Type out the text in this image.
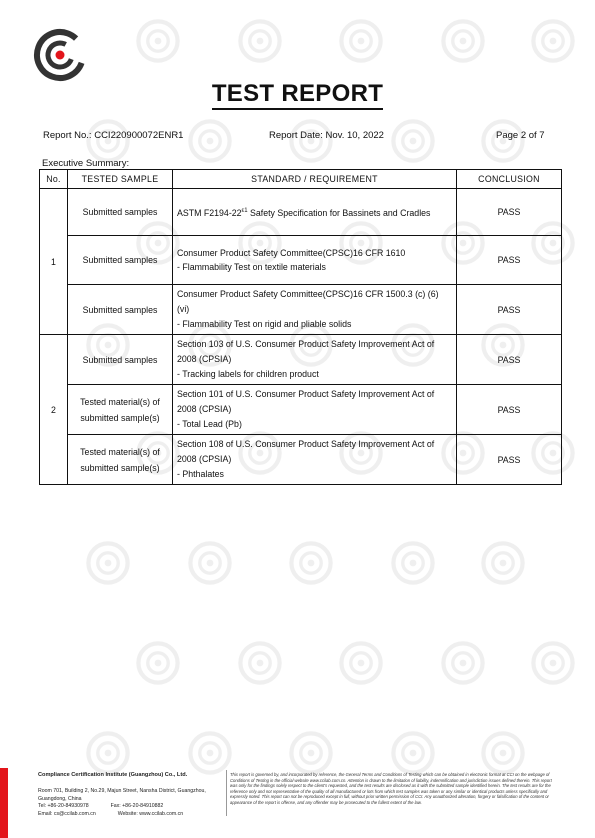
TEST REPORT
Report No.: CCI220900072ENR1	Report Date: Nov. 10, 2022	Page 2 of 7
Executive Summary:
No.	TESTED SAMPLE	STANDARD / REQUIREMENT	CONCLUSION
1	Submitted samples	ASTM $F2194-22^{\varepsilon 1}$ Safety Specification for Bassinets and Cradles	PASS
	Submitted samples	Consumer Product Safety Committee(CPSC)16 CFR 1610
- Flammability Test on textile materials	PASS
	Submitted samples	Consumer Product Safety Committee(CPSC)16 CFR 1500.3 (c) (6) (vi)
- Flammability Test on rigid and pliable solids	PASS
2	Submitted samples	Section 103 of U.S. Consumer Product Safety Improvement Act of 2008 (CPSIA)
- Tracking labels for children product	PASS
	Tested material(s) of submitted sample(s)	Section 101 of U.S. Consumer Product Safety Improvement Act of 2008 (CPSIA)
- Total Lead (Pb)	PASS
	Tested material(s) of submitted sample(s)	Section 108 of U.S. Consumer Product Safety Improvement Act of 2008 (CPSIA)
- Phthalates	PASS
Compliance Certification Institute (Guangzhou) Co., Ltd.
Room 701, Building 2, No.29, Majun Street, Nansha District, Guangzhou,
Guangdong, China
Tel: +86-20-84930978	Fax: +86-20-84910882
Email: cs@ccilab.com.cn	Website: www.ccilab.com.cn
This report is governed by, and incorporated by reference, the General Terms and Conditions of Testing which can be obtained in electronic format at CCI on the webpage of Conditions of Testing in the official website www.ccilab.com.cn. Attention is drawn to the limitation of liability, indemnification and jurisdiction issues defined therein. This report was only for the findings solely respect to the client's requested, and the test results are disclosed as it with the submitted sample identified herein. The test results are for the reference only and not representative of the quality of all manufactured or lots from which test samples was taken or any similar or identical products unless specifically and expressly noted. This report can not be reproduced except in full, without prior written permission of CCI. Any unauthorized alteration, forgery or falsification of the content or appearance of the report is offense, and any offender may be prosecuted to the fullest extent of the law.
